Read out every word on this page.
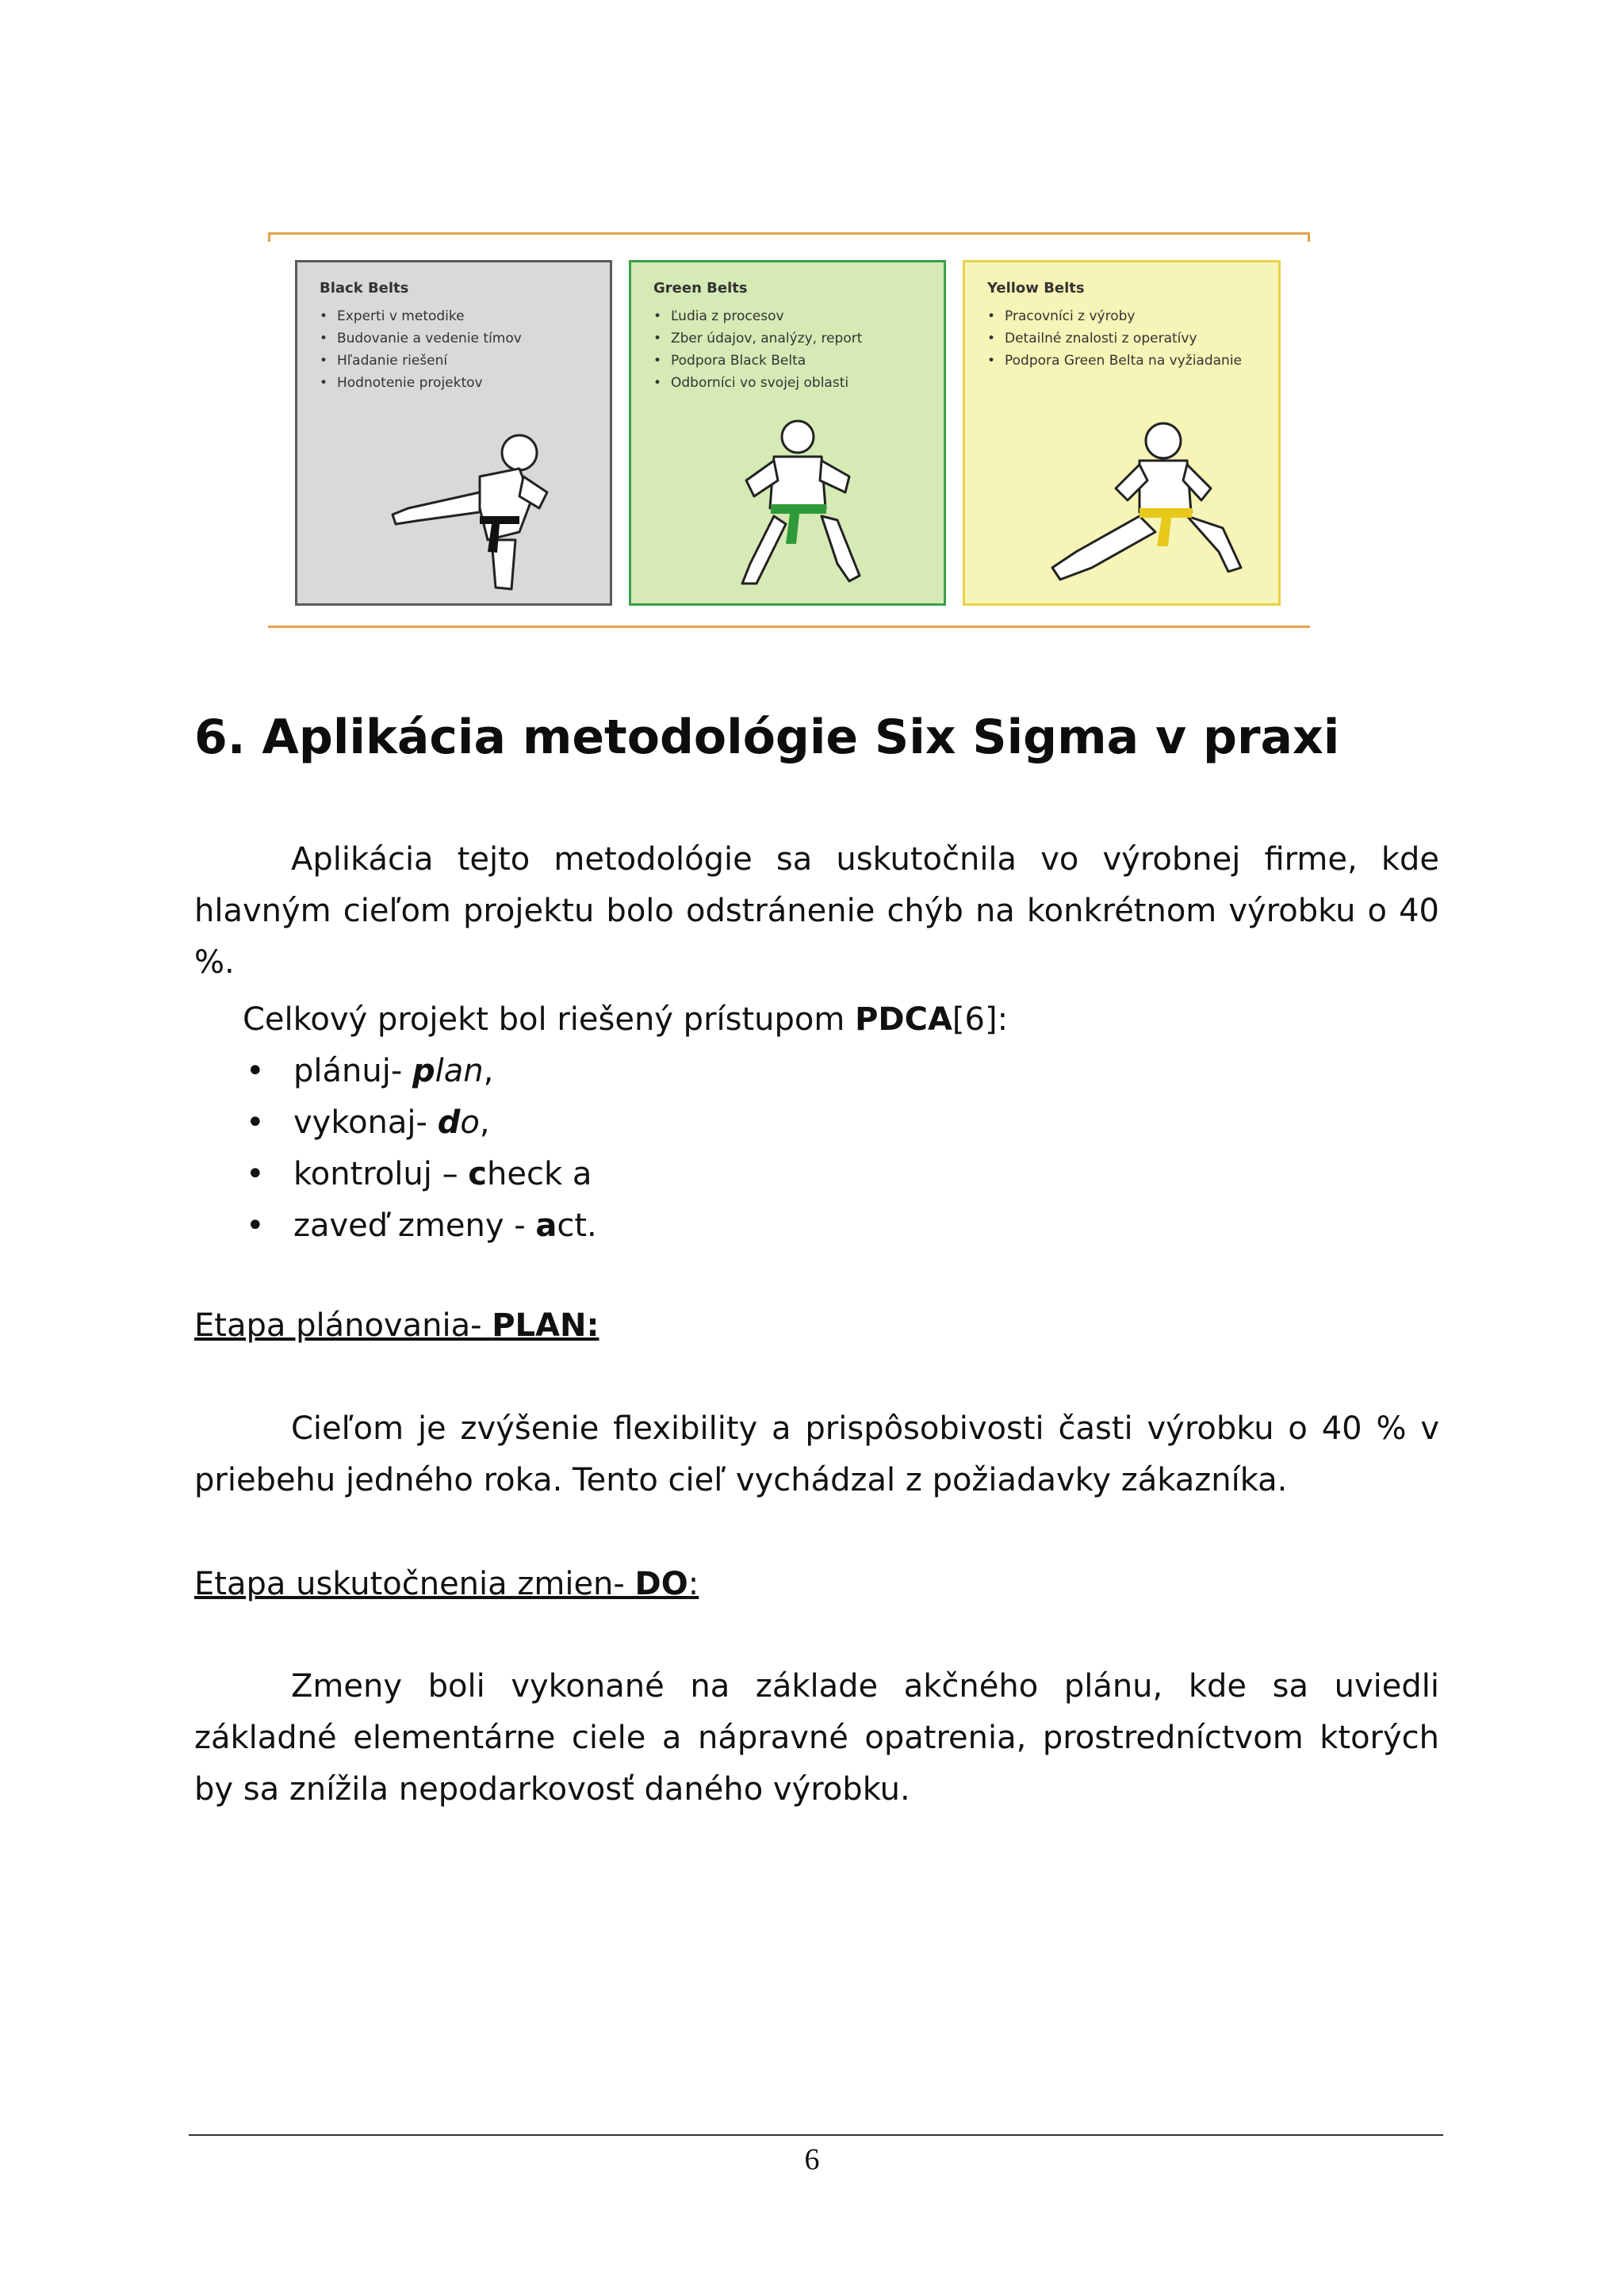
Black Belts
• Experti v metodike
• Budovanie a vedenie tímov
• Hľadanie riešení
• Hodnotenie projektov
Green Belts
• Ľudia z procesov
• Zber údajov, analýzy, report
• Podpora Black Belta
• Odborníci vo svojej oblasti
Yellow Belts
• Pracovníci z výroby
• Detailné znalosti z operatívy
• Podpora Green Belta na vyžiadanie
6. Aplikácia metodológie Six Sigma v praxi

Aplikácia tejto metodológie sa uskutočnila vo výrobnej firme, kde hlavným cieľom projektu bolo odstránenie chýb na konkrétnom výrobku o 40 %.

Celkový projekt bol riešený prístupom PDCA[6]:

• plánuj- plan,
• vykonaj- do,
• kontroluj – check a
• zaveď zmeny - act.

Etapa plánovania- PLAN:

Cieľom je zvýšenie flexibility a prispôsobivosti časti výrobku o 40 % v priebehu jedného roka. Tento cieľ vychádzal z požiadavky zákazníka.

Etapa uskutočnenia zmien- DO:

Zmeny boli vykonané na základe akčného plánu, kde sa uviedli základné elementárne ciele a nápravné opatrenia, prostredníctvom ktorých by sa znížila nepodarkovosť daného výrobku.

6
